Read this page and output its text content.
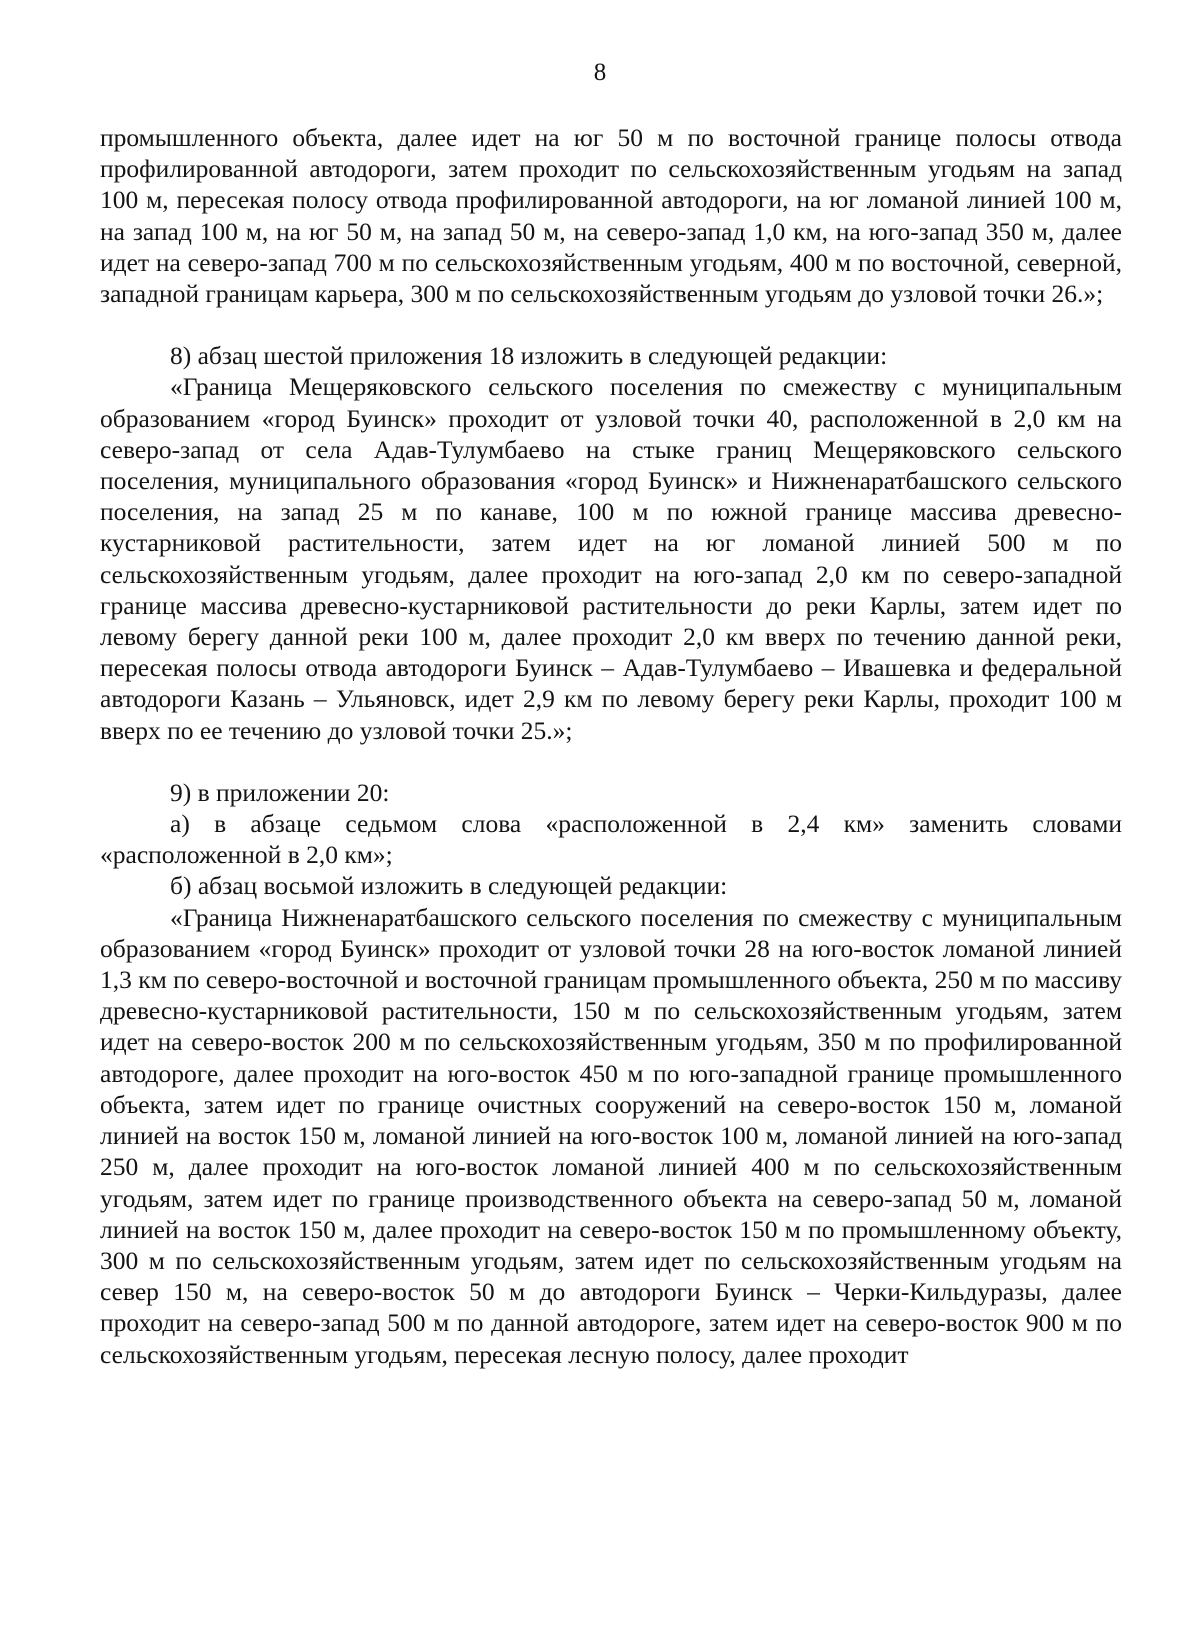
8

промышленного объекта, далее идет на юг 50 м по восточной границе полосы отвода профилированной автодороги, затем проходит по сельскохозяйственным угодьям на запад 100 м, пересекая полосу отвода профилированной автодороги, на юг ломаной линией 100 м, на запад 100 м, на юг 50 м, на запад 50 м, на северо-запад 1,0 км, на юго-запад 350 м, далее идет на северо-запад 700 м по сельскохозяйственным угодьям, 400 м по восточной, северной, западной границам карьера, 300 м по сельскохозяйственным угодьям до узловой точки 26.»;

8) абзац шестой приложения 18 изложить в следующей редакции:

«Граница Мещеряковского сельского поселения по смежеству с муниципальным образованием «город Буинск» проходит от узловой точки 40, расположенной в 2,0 км на северо-запад от села Адав-Тулумбаево на стыке границ Мещеряковского сельского поселения, муниципального образования «город Буинск» и Нижненаратбашского сельского поселения, на запад 25 м по канаве, 100 м по южной границе массива древесно-кустарниковой растительности, затем идет на юг ломаной линией 500 м по сельскохозяйственным угодьям, далее проходит на юго-запад 2,0 км по северо-западной границе массива древесно-кустарниковой растительности до реки Карлы, затем идет по левому берегу данной реки 100 м, далее проходит 2,0 км вверх по течению данной реки, пересекая полосы отвода автодороги Буинск – Адав-Тулумбаево – Ивашевка и федеральной автодороги Казань – Ульяновск, идет 2,9 км по левому берегу реки Карлы, проходит 100 м вверх по ее течению до узловой точки 25.»;

9) в приложении 20:

а) в абзаце седьмом слова «расположенной в 2,4 км» заменить словами «расположенной в 2,0 км»;

б) абзац восьмой изложить в следующей редакции:

«Граница Нижненаратбашского сельского поселения по смежеству с муниципальным образованием «город Буинск» проходит от узловой точки 28 на юго-восток ломаной линией 1,3 км по северо-восточной и восточной границам промышленного объекта, 250 м по массиву древесно-кустарниковой растительности, 150 м по сельскохозяйственным угодьям, затем идет на северо-восток 200 м по сельскохозяйственным угодьям, 350 м по профилированной автодороге, далее проходит на юго-восток 450 м по юго-западной границе промышленного объекта, затем идет по границе очистных сооружений на северо-восток 150 м, ломаной линией на восток 150 м, ломаной линией на юго-восток 100 м, ломаной линией на юго-запад 250 м, далее проходит на юго-восток ломаной линией 400 м по сельскохозяйственным угодьям, затем идет по границе производственного объекта на северо-запад 50 м, ломаной линией на восток 150 м, далее проходит на северо-восток 150 м по промышленному объекту, 300 м по сельскохозяйственным угодьям, затем идет по сельскохозяйственным угодьям на север 150 м, на северо-восток 50 м до автодороги Буинск – Черки-Кильдуразы, далее проходит на северо-запад 500 м по данной автодороге, затем идет на северо-восток 900 м по сельскохозяйственным угодьям, пересекая лесную полосу, далее проходит
